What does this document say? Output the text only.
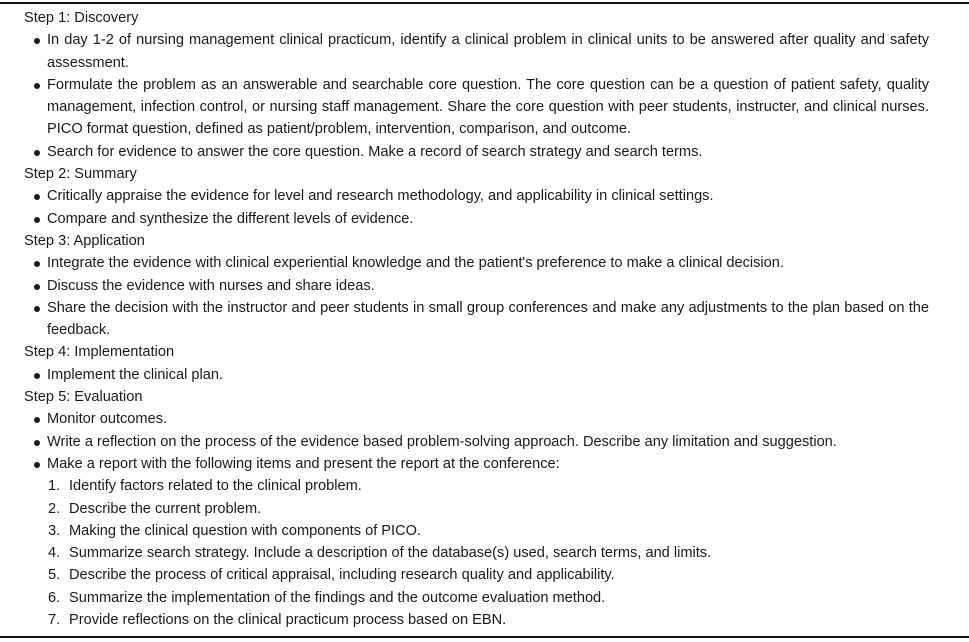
Step 1: Discovery
In day 1-2 of nursing management clinical practicum, identify a clinical problem in clinical units to be answered after quality and safety assessment.
Formulate the problem as an answerable and searchable core question. The core question can be a question of patient safety, quality management, infection control, or nursing staff management. Share the core question with peer students, instructer, and clinical nurses. PICO format question, defined as patient/problem, intervention, comparison, and outcome.
Search for evidence to answer the core question. Make a record of search strategy and search terms.
Step 2: Summary
Critically appraise the evidence for level and research methodology, and applicability in clinical settings.
Compare and synthesize the different levels of evidence.
Step 3: Application
Integrate the evidence with clinical experiential knowledge and the patient's preference to make a clinical decision.
Discuss the evidence with nurses and share ideas.
Share the decision with the instructor and peer students in small group conferences and make any adjustments to the plan based on the feedback.
Step 4: Implementation
Implement the clinical plan.
Step 5: Evaluation
Monitor outcomes.
Write a reflection on the process of the evidence based problem-solving approach. Describe any limitation and suggestion.
Make a report with the following items and present the report at the conference:
1. Identify factors related to the clinical problem.
2. Describe the current problem.
3. Making the clinical question with components of PICO.
4. Summarize search strategy. Include a description of the database(s) used, search terms, and limits.
5. Describe the process of critical appraisal, including research quality and applicability.
6. Summarize the implementation of the findings and the outcome evaluation method.
7. Provide reflections on the clinical practicum process based on EBN.
